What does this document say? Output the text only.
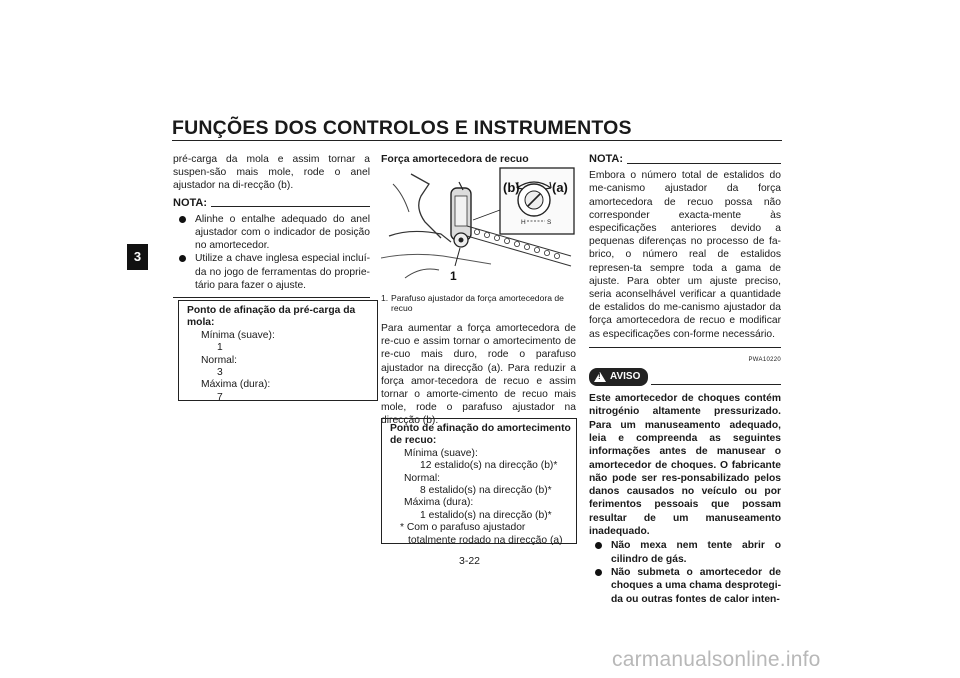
FUNÇÕES DOS CONTROLOS E INSTRUMENTOS
3

pré-carga da mola e assim tornar a suspen-são mais mole, rode o anel ajustador na di-recção (b).

NOTA:
Alinhe o entalhe adequado do anel ajustador com o indicador de posição no amortecedor.
Utilize a chave inglesa especial incluí-da no jogo de ferramentas do proprie-tário para fazer o ajuste.
Ponto de afinação da pré-carga da mola:
Mínima (suave):
1
Normal:
3
Máxima (dura):
7
Força amortecedora de recuo
H	S
(b) (a)
1
1. Parafuso ajustador da força amortecedora de recuo
Para aumentar a força amortecedora de re-cuo e assim tornar o amortecimento de re-cuo mais duro, rode o parafuso ajustador na direcção (a). Para reduzir a força amor-tecedora de recuo e assim tornar o amorte-cimento de recuo mais mole, rode o parafuso ajustador na direcção (b).
Ponto de afinação do amortecimento de recuo:
Mínima (suave):
12 estalido(s) na direcção (b)*
Normal:
8 estalido(s) na direcção (b)*
Máxima (dura):
1 estalido(s) na direcção (b)*
* Com o parafuso ajustador totalmente rodado na direcção (a)
NOTA:

Embora o número total de estalidos do me-canismo ajustador da força amortecedora de recuo possa não corresponder exacta-mente às especificações anteriores devido a pequenas diferenças no processo de fa-brico, o número real de estalidos represen-ta sempre toda a gama de ajuste. Para obter um ajuste preciso, seria aconselhável verificar a quantidade de estalidos do me-canismo ajustador da força amortecedora de recuo e modificar as especificações con-forme necessário.

PWA10220
!
AVISO

Este amortecedor de choques contém nitrogénio altamente pressurizado. Para um manuseamento adequado, leia e compreenda as seguintes informações antes de manusear o amortecedor de choques. O fabricante não pode ser res-ponsabilizado pelos danos causados no veículo ou por ferimentos pessoais que possam resultar de um manuseamento inadequado.

Não mexa nem tente abrir o cilindro de gás.
Não submeta o amortecedor de choques a uma chama desprotegi-da ou outras fontes de calor inten-
3-22
carmanualsonline.info
